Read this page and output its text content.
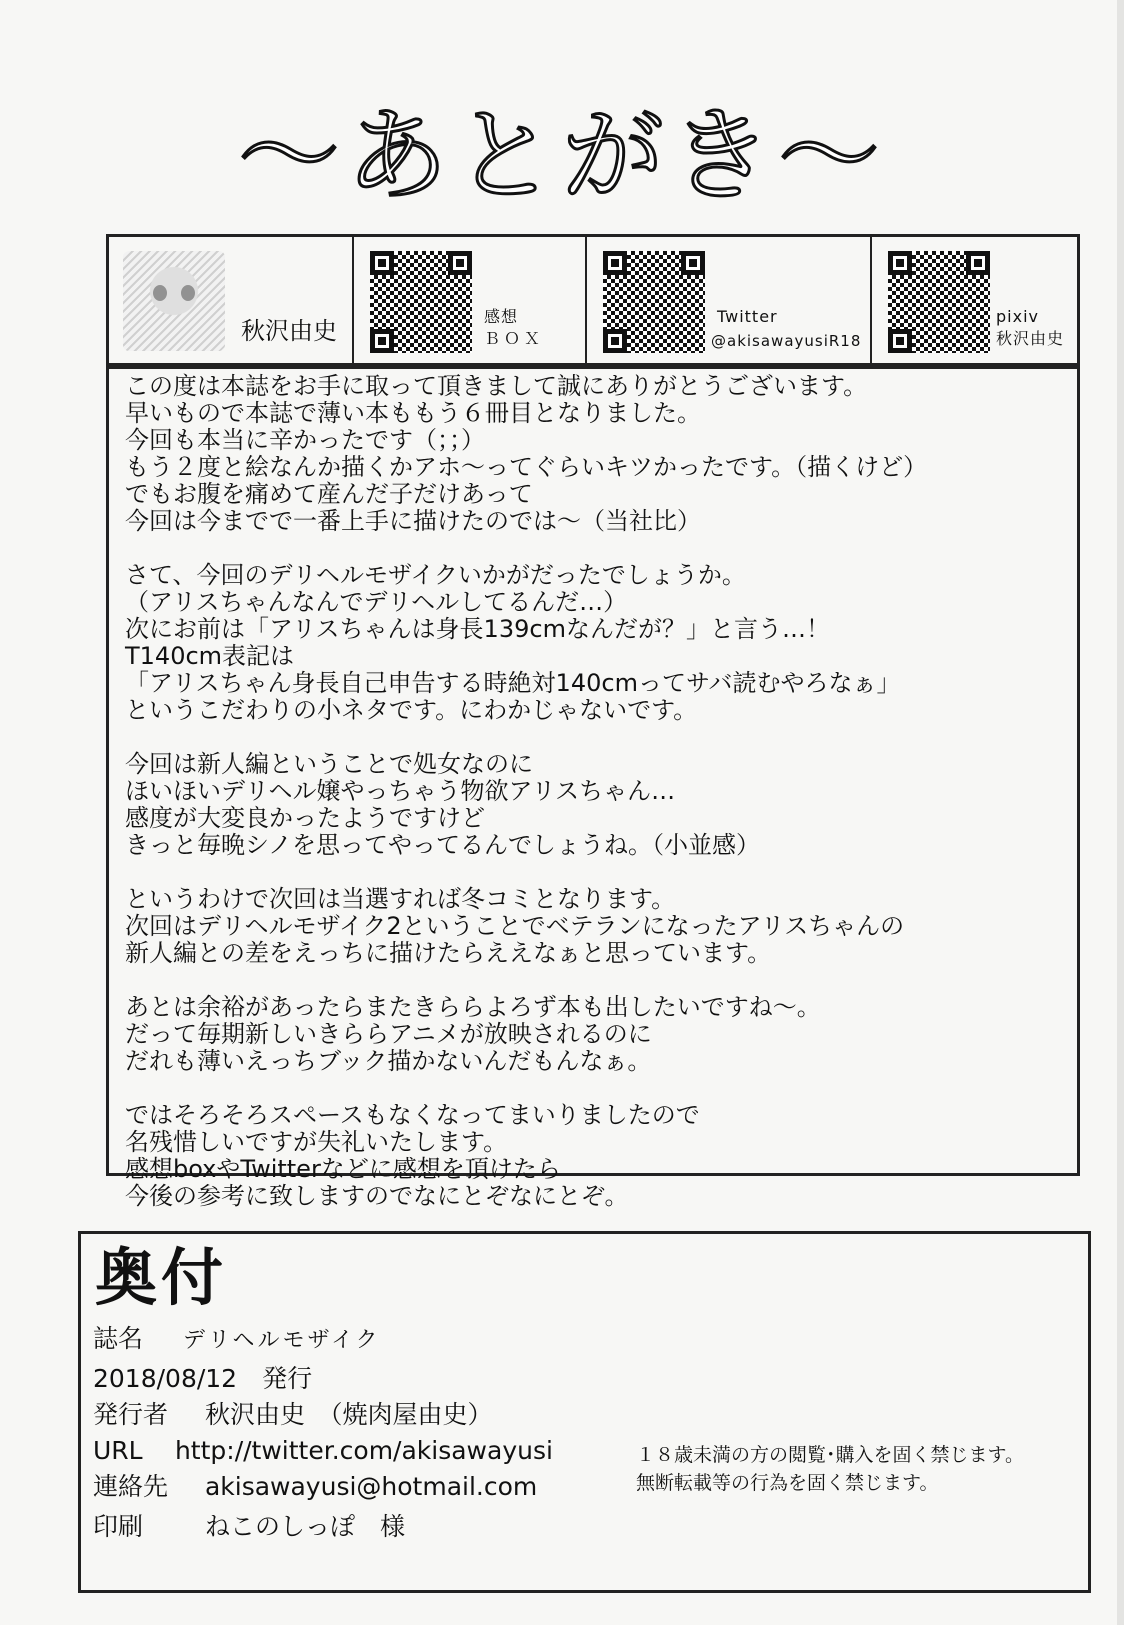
～あとがき～
秋沢由史
感想
ＢＯＸ
Twitter
@akisawayusiR18
pixiv
秋沢由史
この度は本誌をお手に取って頂きまして誠にありがとうございます。
早いもので本誌で薄い本ももう６冊目となりました。
今回も本当に辛かったです（；；）
もう２度と絵なんか描くかアホ～ってぐらいキツかったです。（描くけど）
でもお腹を痛めて産んだ子だけあって
今回は今までで一番上手に描けたのでは～（当社比）
さて、今回のデリヘルモザイクいかがだったでしょうか。
（アリスちゃんなんでデリヘルしてるんだ…）
次にお前は「アリスちゃんは身長139cmなんだが？」と言う…！
T140cm表記は
「アリスちゃん身長自己申告する時絶対140cmってサバ読むやろなぁ」
というこだわりの小ネタです。にわかじゃないです。
今回は新人編ということで処女なのに
ほいほいデリヘル嬢やっちゃう物欲アリスちゃん…
感度が大変良かったようですけど
きっと毎晩シノを思ってやってるんでしょうね。（小並感）
というわけで次回は当選すれば冬コミとなります。
次回はデリヘルモザイク2ということでベテランになったアリスちゃんの
新人編との差をえっちに描けたらええなぁと思っています。
あとは余裕があったらまたきららよろず本も出したいですね～。
だって毎期新しいきららアニメが放映されるのに
だれも薄いえっちブック描かないんだもんなぁ。
ではそろそろスペースもなくなってまいりましたので
名残惜しいですが失礼いたします。
感想boxやTwitterなどに感想を頂けたら
今後の参考に致しますのでなにとぞなにとぞ。
奥付
誌名 デリヘルモザイク
2018/08/12　発行
発行者 秋沢由史　（焼肉屋由史）
URL http://twitter.com/akisawayusi
連絡先 akisawayusi@hotmail.com
印刷 ねこのしっぽ　様
１８歳未満の方の閲覧･購入を固く禁じます。
無断転載等の行為を固く禁じます。
